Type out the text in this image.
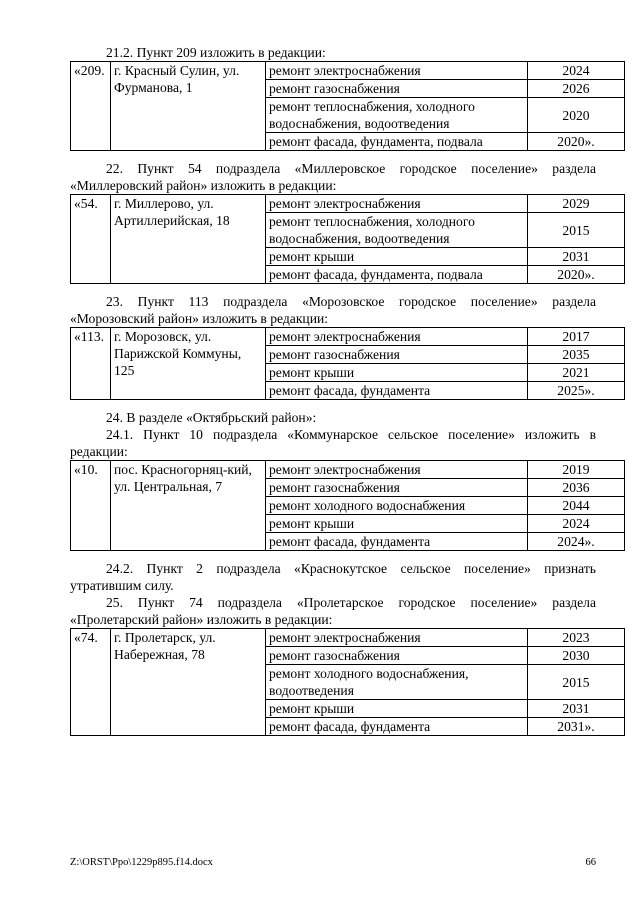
21.2. Пункт 209 изложить в редакции:

«209.	г. Красный Сулин, ул. Фурманова, 1	ремонт электроснабжения	2024
		ремонт газоснабжения	2026
		ремонт теплоснабжения, холодного водоснабжения, водоотведения	2020
		ремонт фасада, фундамента, подвала	2020».

22. Пункт 54 подраздела «Миллеровское городское поселение» раздела «Миллеровский район» изложить в редакции:

«54.	г. Миллерово, ул. Артиллерийская, 18	ремонт электроснабжения	2029
		ремонт теплоснабжения, холодного водоснабжения, водоотведения	2015
		ремонт крыши	2031
		ремонт фасада, фундамента, подвала	2020».

23. Пункт 113 подраздела «Морозовское городское поселение» раздела «Морозовский район» изложить в редакции:

«113.	г. Морозовск, ул. Парижской Коммуны, 125	ремонт электроснабжения	2017
		ремонт газоснабжения	2035
		ремонт крыши	2021
		ремонт фасада, фундамента	2025».

24. В разделе «Октябрьский район»:

24.1. Пункт 10 подраздела «Коммунарское сельское поселение» изложить в редакции:

«10.	пос. Красногорняц-кий, ул. Центральная, 7	ремонт электроснабжения	2019
		ремонт газоснабжения	2036
		ремонт холодного водоснабжения	2044
		ремонт крыши	2024
		ремонт фасада, фундамента	2024».

24.2. Пункт 2 подраздела «Краснокутское сельское поселение» признать утратившим силу.

25. Пункт 74 подраздела «Пролетарское городское поселение» раздела «Пролетарский район» изложить в редакции:

«74.	г. Пролетарск, ул. Набережная, 78	ремонт электроснабжения	2023
		ремонт газоснабжения	2030
		ремонт холодного водоснабжения, водоотведения	2015
		ремонт крыши	2031
		ремонт фасада, фундамента	2031».
Z:\ORST\Ppo\1229p895.f14.docx	66
